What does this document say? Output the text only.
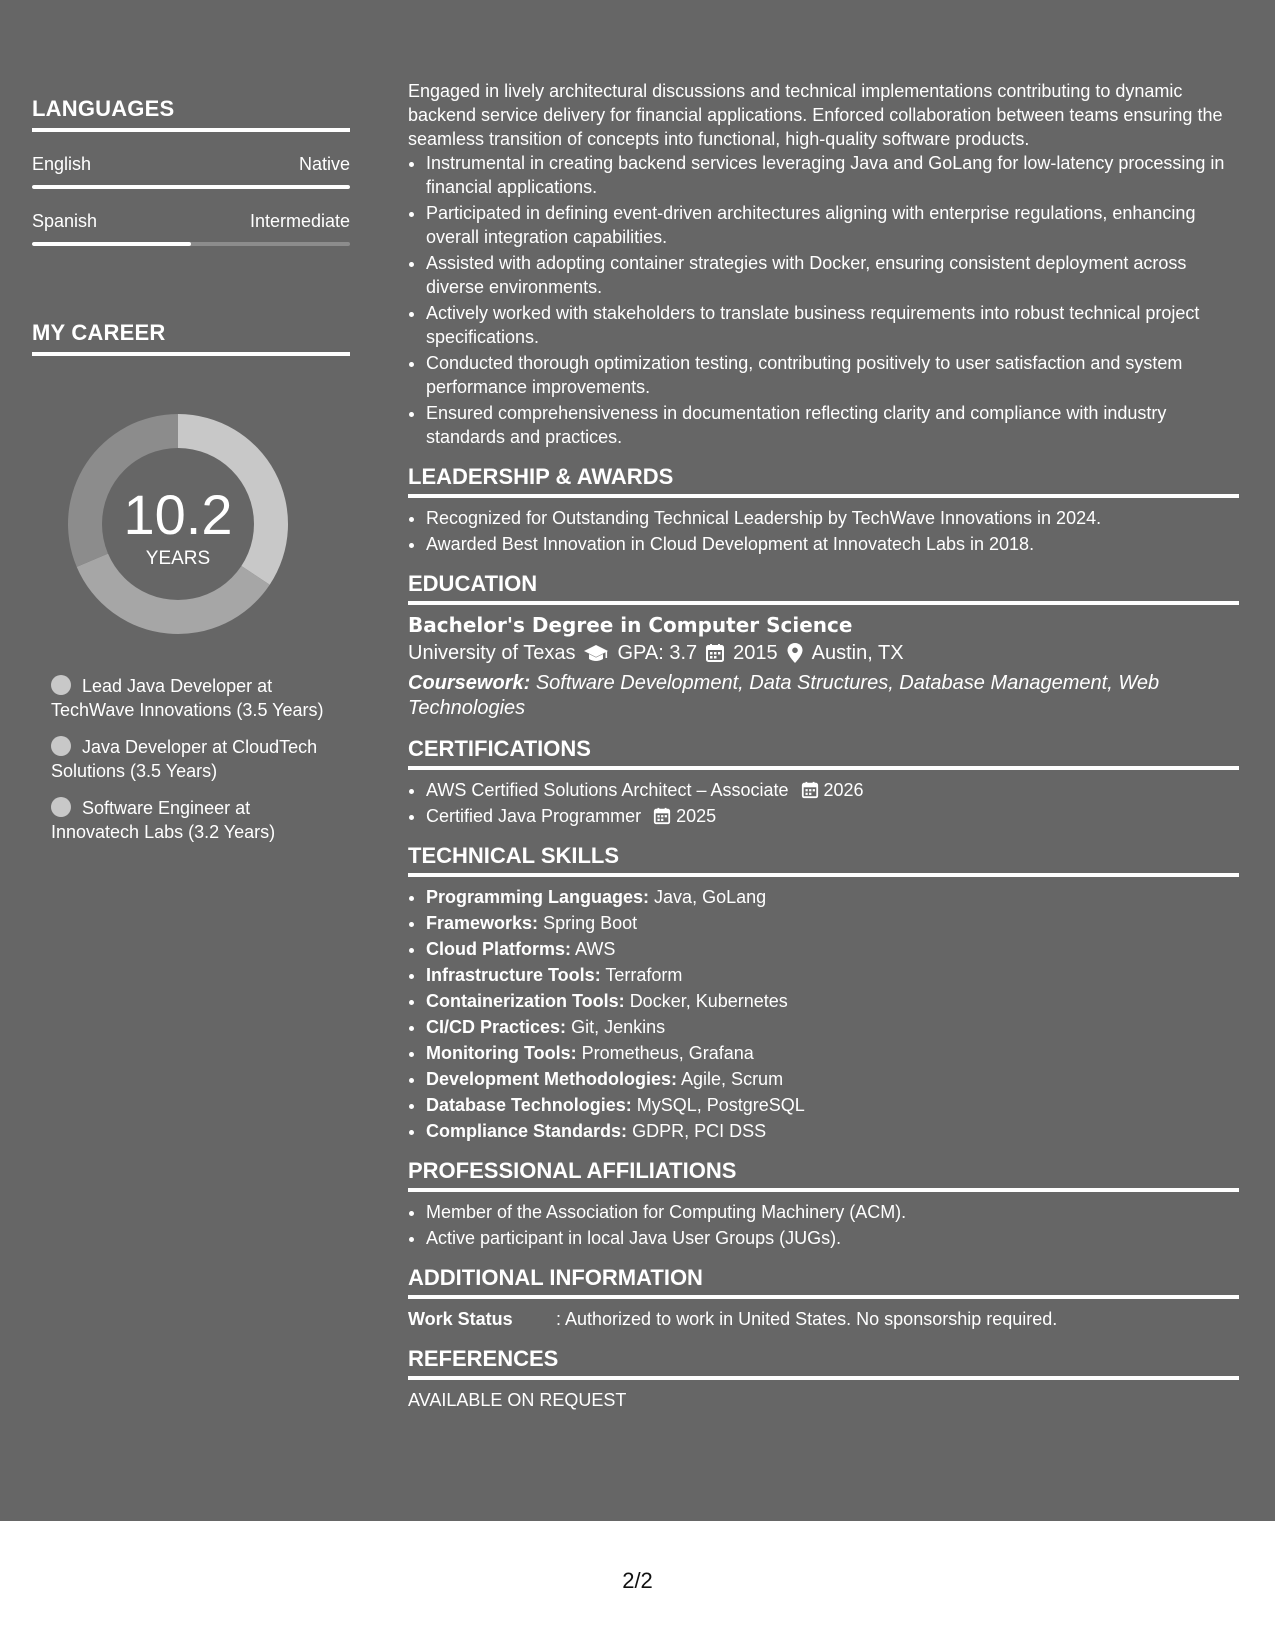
LANGUAGES
English	Native
Spanish	Intermediate
MY CAREER
10.2
YEARS
Lead Java Developer at TechWave Innovations (3.5 Years)
Java Developer at CloudTech Solutions (3.5 Years)
Software Engineer at Innovatech Labs (3.2 Years)

Engaged in lively architectural discussions and technical implementations contributing to dynamic backend service delivery for financial applications. Enforced collaboration between teams ensuring the seamless transition of concepts into functional, high-quality software products.

• Instrumental in creating backend services leveraging Java and GoLang for low-latency processing in financial applications.
• Participated in defining event-driven architectures aligning with enterprise regulations, enhancing overall integration capabilities.
• Assisted with adopting container strategies with Docker, ensuring consistent deployment across diverse environments.
• Actively worked with stakeholders to translate business requirements into robust technical project specifications.
• Conducted thorough optimization testing, contributing positively to user satisfaction and system performance improvements.
• Ensured comprehensiveness in documentation reflecting clarity and compliance with industry standards and practices.
LEADERSHIP & AWARDS
• Recognized for Outstanding Technical Leadership by TechWave Innovations in 2024.
• Awarded Best Innovation in Cloud Development at Innovatech Labs in 2018.
EDUCATION
Bachelor's Degree in Computer Science
University of Texas GPA: 3.7 2015 Austin, TX
Coursework: Software Development, Data Structures, Database Management, Web Technologies
CERTIFICATIONS
• AWS Certified Solutions Architect – Associate 2026
• Certified Java Programmer 2025
TECHNICAL SKILLS
• Programming Languages: Java, GoLang
• Frameworks: Spring Boot
• Cloud Platforms: AWS
• Infrastructure Tools: Terraform
• Containerization Tools: Docker, Kubernetes
• CI/CD Practices: Git, Jenkins
• Monitoring Tools: Prometheus, Grafana
• Development Methodologies: Agile, Scrum
• Database Technologies: MySQL, PostgreSQL
• Compliance Standards: GDPR, PCI DSS
PROFESSIONAL AFFILIATIONS
• Member of the Association for Computing Machinery (ACM).
• Active participant in local Java User Groups (JUGs).
ADDITIONAL INFORMATION
Work Status	: Authorized to work in United States. No sponsorship required.
REFERENCES

AVAILABLE ON REQUEST

2/2
